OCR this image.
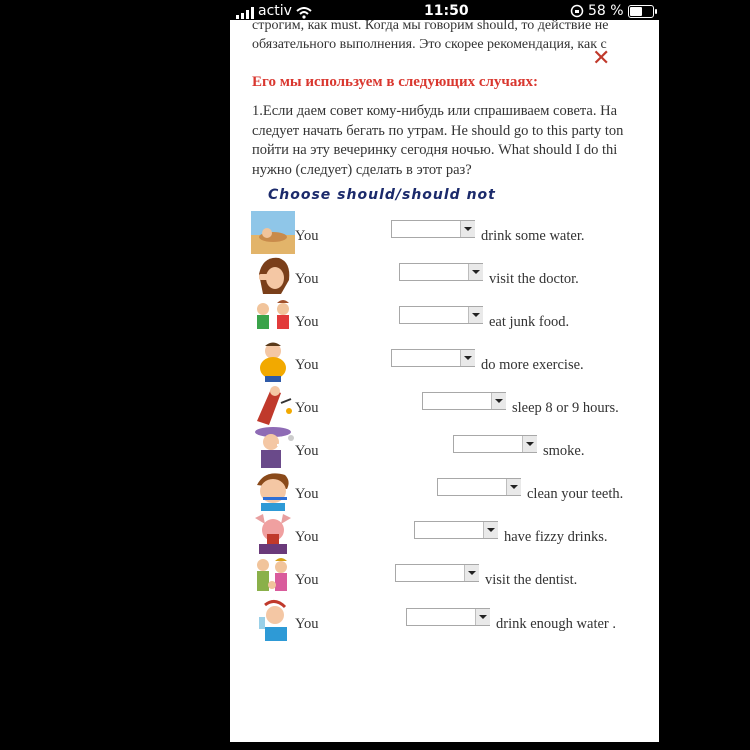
activ	11:50	58 %
строгим, как must. Когда мы говорим should, то действие не
обязательного выполнения. Это скорее рекомендация, как с
✕
Его мы используем в следующих случаях:
1.Если даем совет кому-нибудь или спрашиваем совета. На
следует начать бегать по утрам. He should go to this party ton
пойти на эту вечеринку сегодня ночью. What should I do thi
нужно (следует) сделать в этот раз?
Choose should/should not
You	drink some water.
You	visit the doctor.
You	eat junk food.
You	do more exercise.
You	sleep 8 or 9 hours.
You	smoke.
You	clean your teeth.
You	have fizzy drinks.
You	visit the dentist.
You	drink enough water .
